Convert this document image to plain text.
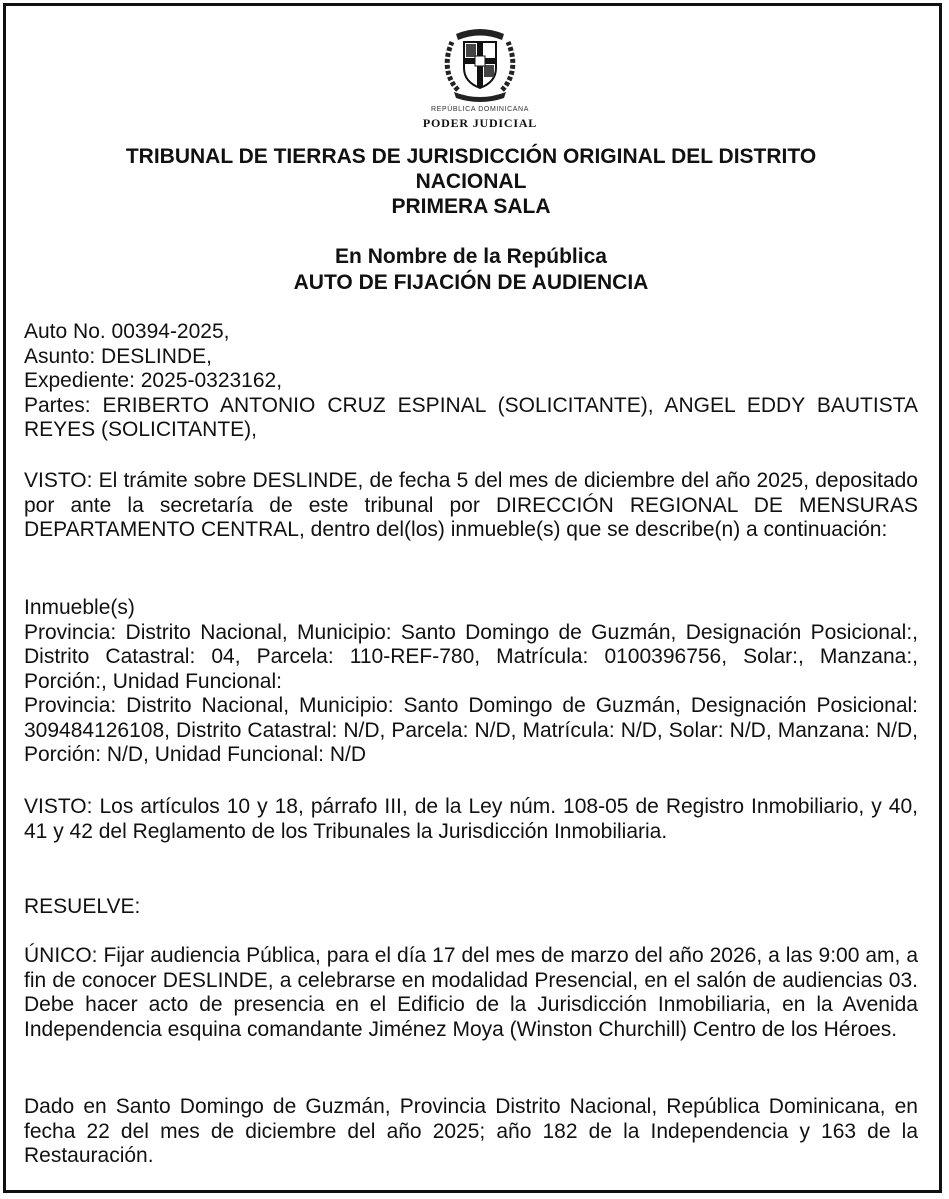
REPÚBLICA DOMINICANA
PODER JUDICIAL
TRIBUNAL DE TIERRAS DE JURISDICCIÓN ORIGINAL DEL DISTRITO
NACIONAL
PRIMERA SALA
En Nombre de la República
AUTO DE FIJACIÓN DE AUDIENCIA
Auto No. 00394-2025,
Asunto: DESLINDE,
Expediente: 2025-0323162,

Partes: ERIBERTO ANTONIO CRUZ ESPINAL (SOLICITANTE), ANGEL EDDY BAUTISTA REYES (SOLICITANTE),

VISTO: El trámite sobre DESLINDE, de fecha 5 del mes de diciembre del año 2025, depositado por ante la secretaría de este tribunal por DIRECCIÓN REGIONAL DE MENSURAS DEPARTAMENTO CENTRAL, dentro del(los) inmueble(s) que se describe(n) a continuación:

Inmueble(s)

Provincia: Distrito Nacional, Municipio: Santo Domingo de Guzmán, Designación Posicional:, Distrito Catastral: 04, Parcela: 110-REF-780, Matrícula: 0100396756, Solar:, Manzana:, Porción:, Unidad Funcional:

Provincia: Distrito Nacional, Municipio: Santo Domingo de Guzmán, Designación Posicional: 309484126108, Distrito Catastral: N/D, Parcela: N/D, Matrícula: N/D, Solar: N/D, Manzana: N/D, Porción: N/D, Unidad Funcional: N/D

VISTO: Los artículos 10 y 18, párrafo III, de la Ley núm. 108-05 de Registro Inmobiliario, y 40, 41 y 42 del Reglamento de los Tribunales la Jurisdicción Inmobiliaria.

RESUELVE:

ÚNICO: Fijar audiencia Pública, para el día 17 del mes de marzo del año 2026, a las 9:00 am, a fin de conocer DESLINDE, a celebrarse en modalidad Presencial, en el salón de audiencias 03. Debe hacer acto de presencia en el Edificio de la Jurisdicción Inmobiliaria, en la Avenida Independencia esquina comandante Jiménez Moya (Winston Churchill) Centro de los Héroes.

Dado en Santo Domingo de Guzmán, Provincia Distrito Nacional, República Dominicana, en fecha 22 del mes de diciembre del año 2025; año 182 de la Independencia y 163 de la Restauración.
